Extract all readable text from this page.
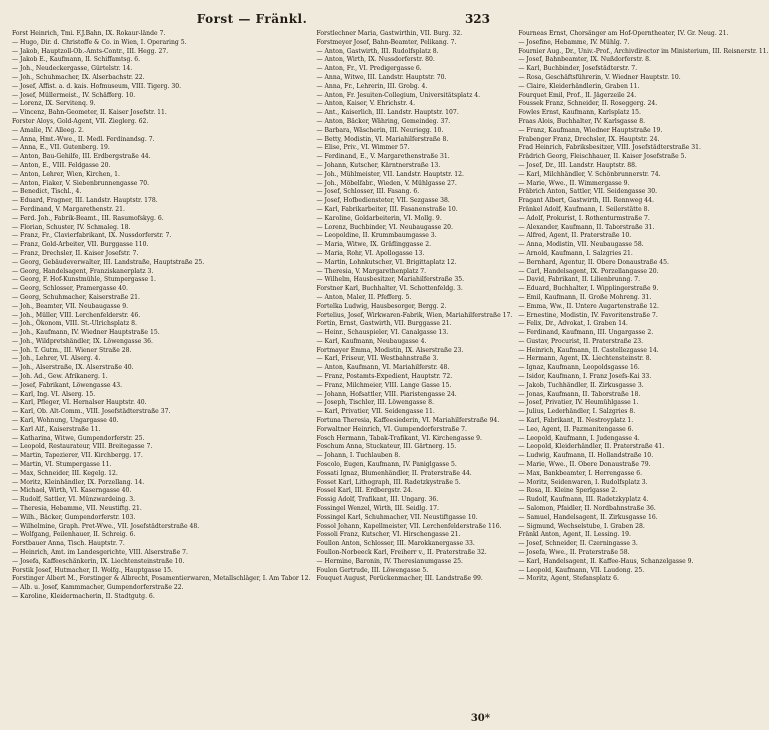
Forst — Fränkl.	323
Forst Heinrich, Tmi. F.J.Bahn, IX. Rokaur-lände 7.
— Hugo, Dir. d. Christoffe & Co. in Wien, I. Operaring 5.
— Jakob, Hauptzoll-Ob.-Amts-Contr., III. Hegg. 27.
— Jakob E., Kaufmann, II. Schiffamtsg. 6.
— Joh., Neudeckergasse, Gürtelstr. 14.
— Joh., Schuhmacher, IX. Alserbachstr. 22.
— Josef, Affist. a. d. kais. Hofmuseum, VIII. Tigerg. 30.
— Josef, Müllermeist., IV. Schäfferg. 10.
— Lorenz, IX. Servitenq. 9.
— Vincenz, Bahn-Geometer, II. Kaiser Josefstr. 11.
Forster Aloys, Gold-Agent, VII. Zieglerg. 62.
— Amalie, IV. Alleeg. 2.
— Anna, Hmt.-Wwe., II. Medl. Ferdinandsg. 7.
— Anna, E., VII. Gutenberg. 19.
— Anton, Bau-Gehilfe, III. Erdbergstraße 44.
— Anton, E., VIII. Feldgasse 20.
— Anton, Lehrer, Wien, Kirchen, 1.
— Anton, Fiaker, V. Siebenbrunnengasse 70.
— Benedict, Tischl., 4.
— Eduard, Fragner, III. Landstr. Hauptstr. 178.
— Ferdinand, V. Margarethenstr. 21.
— Ferd. Joh., Fabrik-Beamt., III. Rasumofskyg. 6.
— Florian, Schuster, IV. Schmaleg. 18.
— Franz, Fr., Clavierfabrikant, IX. Nussdorferstr. 7.
— Franz, Gold-Arbeiter, VII. Burggasse 110.
— Franz, Drechsler, II. Kaiser Josefstr. 7.
— Georg, Gebäudeverwalter, III. Landstraße, Hauptstraße 25.
— Georg, Handelsagent, Franziskanerplatz 3.
— Georg, F. Hof-Kunstmühle, Stumpergasse 1.
— Georg, Schlosser, Pramergasse 40.
— Georg, Schuhmacher, Kaiserstraße 21.
— Joh., Beamter, VII. Neubaugasse 9.
— Joh., Müller, VIII. Lerchenfelderstr. 46.
— Joh., Ökonom, VIII. St.-Ulrichsplatz 8.
— Joh., Kaufmann, IV. Wiedner Hauptstraße 15.
— Joh., Wildpretshändler, IX. Löwengasse 36.
— Joh. T. Gutm., III. Wiener Straße 28.
— Joh., Lehrer, VI. Alserg. 4.
— Joh., Alserstraße, IX. Alserstraße 40.
— Joh. Ad., Gew. Afrikanerg. 1.
— Josef, Fabrikant, Löwengasse 43.
— Karl, Ing. VI. Alserg. 15.
— Karl, Pfleger, VI. Hernalser Hauptstr. 40.
— Karl, Ob. Alt-Comm., VIII. Josefstädterstraße 37.
— Karl, Wohnung, Ungargasse 40.
— Karl Alf., Kaiserstraße 11.
— Katharina, Witwe, Gumpendorferstr. 25.
— Leopold, Restaurateur, VIII. Breitegasse 7.
— Martin, Tapezierer, VII. Kirchbergg. 17.
— Martin, VI. Stumpergasse 11.
— Max, Schneider, III. Kegelg. 12.
— Moritz, Kleinhändler, IX. Porzellang. 14.
— Michael, Wirth, VI. Kaserngasse 40.
— Rudolf, Sattler, VI. Münzwardeing. 3.
— Theresia, Hebamme, VII. Neustiftg. 21.
— Wilh., Bäcker, Gumpendorferstr. 103.
— Wilhelmine, Graph. Pret-Wwe., VII. Josefstädterstraße 48.
— Wolfgang, Feilenhauer, II. Schreig. 6.
Forstbauer Anna, Tisch. Hauptstr. 7.
— Heinrich, Amt. im Landesgerichte, VIII. Alserstraße 7.
— Josefa, Kaffeeschänkerin, IX. Liechtensteinstraße 10.
Forstik Josef, Hutmacher, II. Wolfg., Hauptgasse 15.
Forstinger Albert M., Forstinger & Albrecht, Posamentierwaren, Metallschläger, I. Am Tabor 12.
— Alb. u. Josef, Kammmacher, Gumpendorferstraße 22.
— Karoline, Kleidermacherin, II. Stadtgutg. 6.
Forstlechner Maria, Gastwirthin, VII. Burg. 32.
Forstmeyer Josef, Bahn-Beamter, Pelikang. 7.
— Anton, Gastwirth, III. Rudolfsplatz 8.
— Anton, Wirth, IX. Nussdorferstr. 80.
— Anton, Fr., VI. Predigergasse 6.
— Anna, Witwe, III. Landstr. Hauptstr. 70.
— Anna, Fr., Lehrerin, III. Grobg. 4.
— Anton, Fr. Jesuiten-Collegium, Universitätsplatz 4.
— Anton, Kaiser, V. Ehrichstr. 4.
— Ant., Kaiserlich, III. Landstr. Hauptstr. 107.
— Anton, Bäcker, Währing, Gemeindeg. 37.
— Barbara, Wäscherin, III. Neuriegg. 10.
— Betty, Modistin, VI. Mariahilferstraße 8.
— Elise, Priv., VI. Wimmer 57.
— Ferdinand, E., V. Margarethenstraße 31.
— Johann, Kutscher, Kärntnerstraße 13.
— Joh., Mühlmeister, VII. Landstr. Hauptstr. 12.
— Joh., Möbelfabr., Wieden, V. Mühlgasse 27.
— Josef, Schlosser, III. Fasang. 6.
— Josef, Hofbediensteter, VII. Sezgasse 38.
— Karl, Fabrikarbeiter, III. Fasanenstraße 10.
— Karoline, Goldarbeiterin, VI. Mollg. 9.
— Lorenz, Buchbinder, VI. Neubaugasse 20.
— Leopoldine, II. Krummbaumgasse 3.
— Maria, Witwe, IX. Gräflinggasse 2.
— Maria, Rohr, VI. Apollogasse 13.
— Martin, Lohnkutscher, VI. Brigittaplatz 12.
— Theresia, V. Margarethenplatz 7.
— Wilhelm, Hausbesitzer, Mariahilferstraße 35.
Forstner Karl, Buchhalter, VI. Schottenfeldg. 3.
— Anton, Maler, II. Pfefferg. 5.
Fortelka Ludwig, Hausbesorger, Bergg. 2.
Fortelius, Josef, Wirkwaren-Fabrik, Wien, Mariahilferstraße 17.
Fortin, Ernst, Gastwirth, VII. Burggasse 21.
— Heinr., Schauspieler, VI. Canalgasse 13.
— Karl, Kaufmann, Neubaugasse 4.
Fortmayer Emma, Modistin, IX. Alserstraße 23.
— Karl, Friseur, VII. Westbahnstraße 3.
— Anton, Kaufmann, VI. Mariahilferstr. 48.
— Franz, Postamts-Expedient, Hauptstr. 72.
— Franz, Milchmeier, VIII. Lange Gasse 15.
— Johann, Hofsattler, VIII. Piaristengasse 24.
— Joseph, Tischler, III. Löwengasse 8.
— Karl, Privatier, VII. Seidengasse 11.
Fortuna Theresia, Kaffeesiederin, VI. Mariahilferstraße 94.
Forwaltner Heinrich, VI. Gumpendorferstraße 7.
Fosch Hermann, Tabak-Trafikant, VI. Kirchengasse 9.
Foschum Anna, Stuckateur, III. Gärtnerg. 15.
— Johann, I. Tuchlauben 8.
Foscolo, Eugen, Kaufmann, IV. Paniglgasse 5.
Fossati Ignaz, Blumenhändler, II. Praterstraße 44.
Fosset Karl, Lithograph, III. Radetzkystraße 5.
Fossel Karl, III. Erdbergstr. 24.
Fossig Adolf, Trafikant, III. Ungarg. 36.
Fossingel Wenzel, Wirth, III. Seidlg. 17.
Fossingel Karl, Schuhmacher, VII. Neustiftgasse 10.
Fossol Johann, Kapellmeister, VII. Lerchenfelderstraße 116.
Fossoli Franz, Kutscher, VI. Hirschengasse 21.
Foullon Anton, Schlosser, III. Marokkanergasse 33.
Foullon-Norbeeck Karl, Freiherr v., II. Praterstraße 32.
— Hermine, Baronin, IV. Theresianumgasse 25.
Foulon Gertrude, III. Löwengasse 5.
Fouquet August, Perückenmacher, III. Landstraße 99.
Fourneas Ernst, Chorsänger am Hof-Operntheater, IV. Gr. Neug. 21.
— Josefine, Hebamme, IV. Mühlg. 7.
Fournier Aug., Dr., Univ.-Prof., Archivdirector im Ministerium, III. Reisnerstr. 11.
— Josef, Bahnbeamter, IX. Nußdorferstr. 8.
— Karl, Buchbinder, Josefstädterstr. 7.
— Rosa, Geschäftsführerin, V. Wiedner Hauptstr. 10.
— Claire, Kleiderhändlerin, Graben 11.
Fourquet Emil, Prof., II. Jägerzeile 24.
Foussek Franz, Schneider, II. Roseggerg. 24.
Fowles Ernst, Kaufmann, Karlsplatz 15.
Fraas Alois, Buchhalter, IV. Karlsgasse 8.
— Franz, Kaufmann, Wiedner Hauptstraße 19.
Frabenger Franz, Drechsler, IX. Hauptstr. 24.
Frad Heinrich, Fabriksbesitzer, VIII. Josefstädterstraße 31.
Frädrich Georg, Fleischhauer, II. Kaiser Josefstraße 5.
— Josef, Dr., III. Landstr. Hauptstr. 88.
— Karl, Milchhändler, V. Schönbrunnerstr. 74.
— Marie, Wwe., II. Wimmergasse 9.
Fräbrich Anton, Sattler, VII. Seidengasse 30.
Fragant Albert, Gastwirth, III. Rennweg 44.
Fränkel Adolf, Kaufmann, I. Seilerstätte 8.
— Adolf, Prokurist, I. Rothenturmstraße 7.
— Alexander, Kaufmann, II. Taborstraße 31.
— Alfred, Agent, II. Praterstraße 10.
— Anna, Modistin, VII. Neubaugasse 58.
— Arnold, Kaufmann, I. Salzgries 21.
— Bernhard, Agentur, II. Obere Donaustraße 45.
— Carl, Handelsagent, IX. Porzellangasse 20.
— David, Fabrikant, II. Lilienbrunng. 7.
— Eduard, Buchhalter, I. Wipplingerstraße 9.
— Emil, Kaufmann, II. Große Mohreng. 31.
— Emma, Ww., II. Untere Augartenstraße 12.
— Ernestine, Modistin, IV. Favoritenstraße 7.
— Felix, Dr., Advokat, I. Graben 14.
— Ferdinand, Kaufmann, III. Ungargasse 2.
— Gustav, Procurist, II. Praterstraße 23.
— Heinrich, Kaufmann, II. Castellezgasse 14.
— Hermann, Agent, IX. Liechtensteinstr. 8.
— Ignaz, Kaufmann, Leopoldsgasse 16.
— Isidor, Kaufmann, I. Franz Josefs-Kai 33.
— Jakob, Tuchhändler, II. Zirkusgasse 3.
— Jonas, Kaufmann, II. Taborstraße 18.
— Josef, Privatier, IV. Heumühlgasse 1.
— Julius, Lederhändler, I. Salzgries 8.
— Karl, Fabrikant, II. Nestroyplatz 1.
— Leo, Agent, II. Pazmanitengasse 6.
— Leopold, Kaufmann, I. Judengasse 4.
— Leopold, Kleiderhändler, II. Praterstraße 41.
— Ludwig, Kaufmann, II. Hollandstraße 10.
— Marie, Wwe., II. Obere Donaustraße 79.
— Max, Bankbeamter, I. Herrengasse 6.
— Moritz, Seidenwaren, I. Rudolfsplatz 3.
— Rosa, II. Kleine Sperlgasse 2.
— Rudolf, Kaufmann, III. Radetzkyplatz 4.
— Salomon, Pfaidler, II. Nordbahnstraße 36.
— Samuel, Handelsagent, II. Zirkusgasse 16.
— Sigmund, Wechselstube, I. Graben 28.
Fränkl Anton, Agent, II. Lessing. 19.
— Josef, Schneider, II. Czerningasse 3.
— Josefa, Wwe., II. Praterstraße 58.
— Karl, Handelsagent, II. Kaffee-Haus, Schanzelgasse 9.
— Leopold, Kaufmann, VII. Laudong. 25.
— Moritz, Agent, Stefansplatz 6.
30*
